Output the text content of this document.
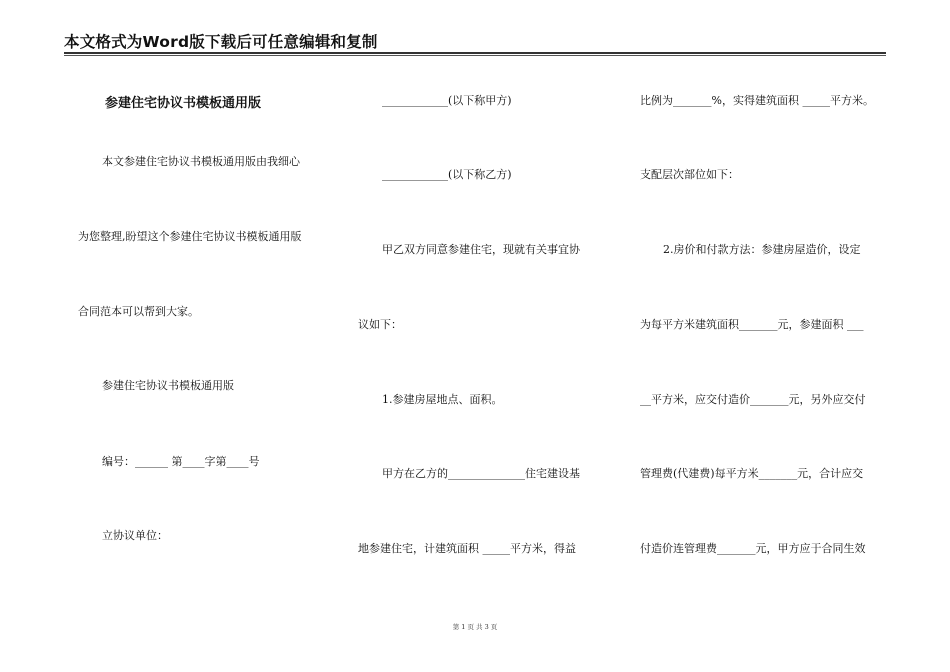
本文格式为Word版下载后可任意编辑和复制
参建住宅协议书模板通用版
本文参建住宅协议书模板通用版由我细心
为您整理,盼望这个参建住宅协议书模板通用版
合同范本可以帮到大家。
参建住宅协议书模板通用版
编号：______ 第____字第____号
立协议单位：
____________(以下称甲方)
____________(以下称乙方)
甲乙双方同意参建住宅，现就有关事宜协
议如下：
1.参建房屋地点、面积。
甲方在乙方的______________住宅建设基
地参建住宅，计建筑面积 _____平方米，得益
比例为_______%，实得建筑面积 _____平方米。
支配层次部位如下：
2.房价和付款方法：参建房屋造价，设定
为每平方米建筑面积_______元，参建面积 ___
__平方米，应交付造价_______元，另外应交付
管理费(代建费)每平方米_______元，合计应交
付造价连管理费_______元，甲方应于合同生效
第 1 页 共 3 页
